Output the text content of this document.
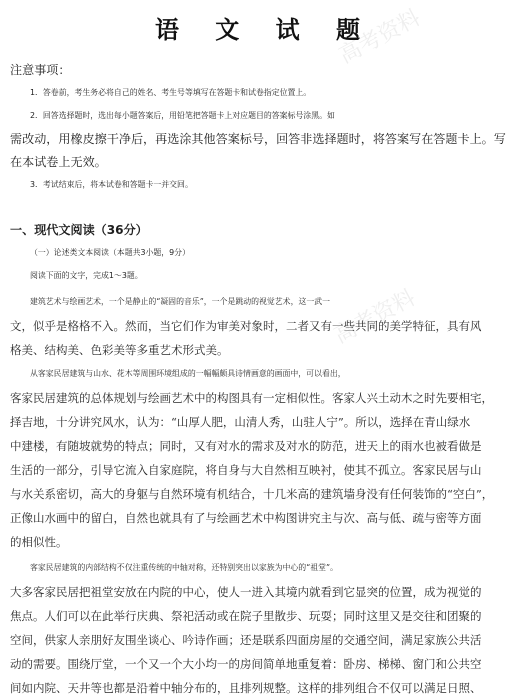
语 文 试 题
高考资料
高考资料
注意事项：
1．答卷前，考生务必将自己的姓名、考生号等填写在答题卡和试卷指定位置上。
2．回答选择题时，选出每小题答案后，用铅笔把答题卡上对应题目的答案标号涂黑。如
需改动，用橡皮擦干净后，再选涂其他答案标号，回答非选择题时，将答案写在答题卡上。写
在本试卷上无效。
3．考试结束后，将本试卷和答题卡一并交回。
一、现代文阅读（36分）
（一）论述类文本阅读（本题共3小题，9分）
阅读下面的文字，完成1～3题。
建筑艺术与绘画艺术，一个是静止的“凝固的音乐”，一个是跳动的视觉艺术，这一武一
文，似乎是格格不入。然而，当它们作为审美对象时，二者又有一些共同的美学特征，具有风
格美、结构美、色彩美等多重艺术形式美。
从客家民居建筑与山水、花木等周围环境组成的一幅幅颇具诗情画意的画面中，可以看出，
客家民居建筑的总体规划与绘画艺术中的构图具有一定相似性。客家人兴土动木之时先要相宅，
择吉地，十分讲究风水，认为：“山厚人肥，山清人秀，山驻人宁”。所以，选择在青山绿水
中建楼，有随坡就势的特点；同时，又有对水的需求及对水的防范，进天上的雨水也被看做是
生活的一部分，引导它流入自家庭院，将自身与大自然相互映衬，使其不孤立。客家民居与山
与水关系密切，高大的身躯与自然环境有机结合，十几米高的建筑墙身没有任何装饰的“空白”，
正像山水画中的留白，自然也就具有了与绘画艺术中构图讲究主与次、高与低、疏与密等方面
的相似性。
客家民居建筑的内部结构不仅注重传统的中轴对称，还特别突出以家族为中心的“祖堂”。
大多客家民居把祖堂安放在内院的中心，使人一进入其境内就看到它显突的位置，成为视觉的
焦点。人们可以在此举行庆典、祭祀活动或在院子里散步、玩耍；同时这里又是交往和团聚的
空间，供家人亲朋好友围坐谈心、吟诗作画；还是联系四面房屋的交通空间，满足家族公共活
动的需要。围绕厅堂，一个又一个大小均一的房间简单地重复着：卧房、梯梯、窗门和公共空
间如内院、天井等也都是沿着中轴分布的，且排列规整。这样的排列组合不仅可以满足日照、
